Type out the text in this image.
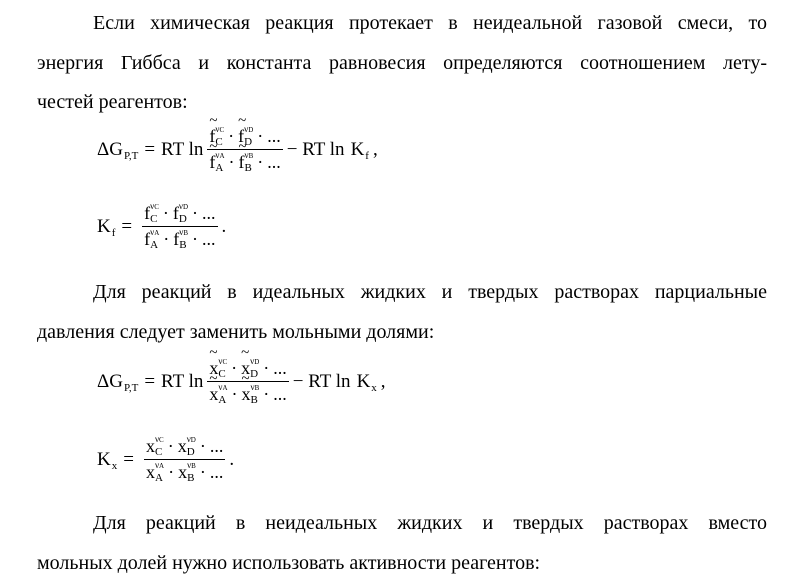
Если химическая реакция протекает в неидеальной газовой смеси, то
энергия Гиббса и константа равновесия определяются соотношением лету-
честей реагентов:
ΔG P,T = RT ln ~ f νC
C · ~ f νD
D · ...
~ f νA
A · ~ f νB
B · ... − RT ln K f ,
K f = f νC
C · f νD
D · ...
f νA
A · f νB
B · ... .
Для реакций в идеальных жидких и твердых растворах парциальные
давления следует заменить мольными долями:
ΔG P,T = RT ln ~ x νC
C · ~ x νD
D · ...
~ x νA
A · ~ x νB
B · ... − RT ln K x ,
K x = x νC
C · x νD
D · ...
x νA
A · x νB
B · ... .
Для реакций в неидеальных жидких и твердых растворах вместо
мольных долей нужно использовать активности реагентов:
